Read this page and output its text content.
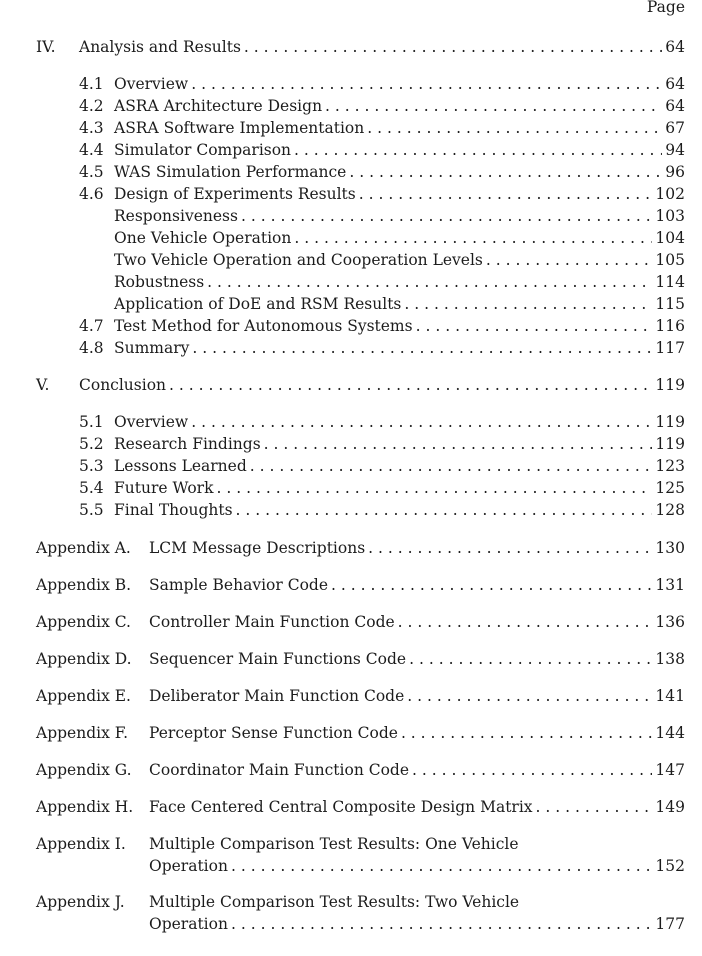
Page
IV.	Analysis and Results . . .	64
4.1 Overview . . .	64
4.2 ASRA Architecture Design . . .	64
4.3 ASRA Software Implementation . . .	67
4.4 Simulator Comparison . . .	94
4.5 WAS Simulation Performance . . .	96
4.6 Design of Experiments Results . . .	102
Responsiveness . . .	103
One Vehicle Operation . . .	104
Two Vehicle Operation and Cooperation Levels . . .	105
Robustness . . .	114
Application of DoE and RSM Results . . .	115
4.7 Test Method for Autonomous Systems . . .	116
4.8 Summary . . .	117
V.	Conclusion . . .	119
5.1 Overview . . .	119
5.2 Research Findings . . .	119
5.3 Lessons Learned . . .	123
5.4 Future Work . . .	125
5.5 Final Thoughts . . .	128
Appendix A.	LCM Message Descriptions . . .	130
Appendix B.	Sample Behavior Code . . .	131
Appendix C.	Controller Main Function Code . . .	136
Appendix D.	Sequencer Main Functions Code . . .	138
Appendix E.	Deliberator Main Function Code . . .	141
Appendix F.	Perceptor Sense Function Code . . .	144
Appendix G.	Coordinator Main Function Code . . .	147
Appendix H.	Face Centered Central Composite Design Matrix . . .	149
Appendix I.	Multiple Comparison Test Results: One Vehicle
Operation . . .	152
Appendix J.	Multiple Comparison Test Results: Two Vehicle
Operation . . .	177
